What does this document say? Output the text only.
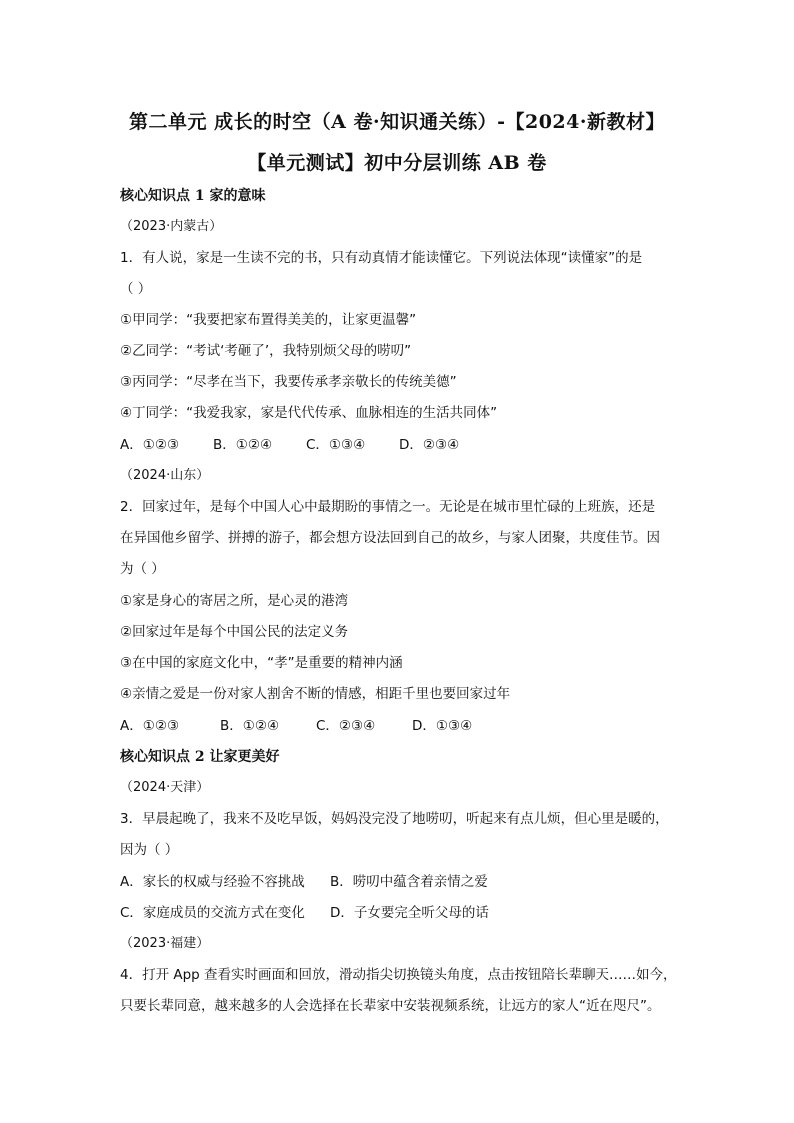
第二单元 成长的时空（A 卷·知识通关练）-【2024·新教材】
【单元测试】初中分层训练 AB 卷
核心知识点 1 家的意味
（2023·内蒙古）
1．有人说，家是一生读不完的书，只有动真情才能读懂它。下列说法体现“读懂家”的是
（ ）
①甲同学：“我要把家布置得美美的，让家更温馨”
②乙同学：“考试‘考砸了’，我特别烦父母的唠叨”
③丙同学：“尽孝在当下，我要传承孝亲敬长的传统美德”
④丁同学：“我爱我家，家是代代传承、血脉相连的生活共同体”
A．①②③	B．①②④	C．①③④	D．②③④
（2024·山东）
2．回家过年，是每个中国人心中最期盼的事情之一。无论是在城市里忙碌的上班族，还是
在异国他乡留学、拼搏的游子，都会想方设法回到自己的故乡，与家人团聚，共度佳节。因
为（ ）
①家是身心的寄居之所，是心灵的港湾
②回家过年是每个中国公民的法定义务
③在中国的家庭文化中，“孝”是重要的精神内涵
④亲情之爱是一份对家人割舍不断的情感，相距千里也要回家过年
A．①②③	B．①②④	C．②③④	D．①③④
核心知识点 2 让家更美好
（2024·天津）
3．早晨起晚了，我来不及吃早饭，妈妈没完没了地唠叨，听起来有点儿烦，但心里是暖的，
因为（ ）
A．家长的权威与经验不容挑战 B．唠叨中蕴含着亲情之爱
C．家庭成员的交流方式在变化 D．子女要完全听父母的话
（2023·福建）
4．打开 App 查看实时画面和回放，滑动指尖切换镜头角度，点击按钮陪长辈聊天……如今，
只要长辈同意，越来越多的人会选择在长辈家中安装视频系统，让远方的家人“近在咫尺”。
